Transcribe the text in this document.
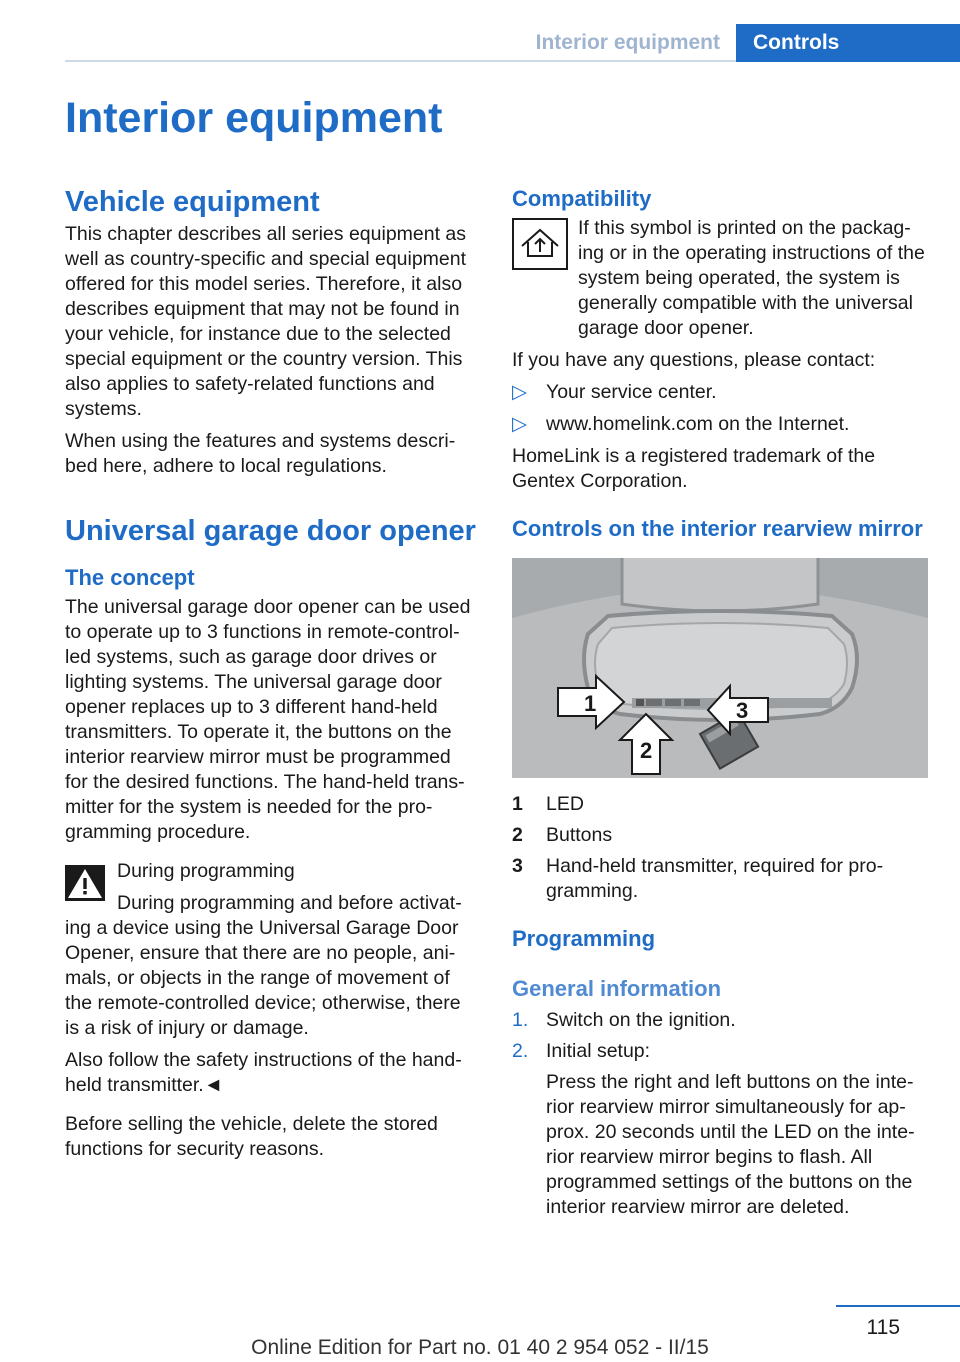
Interior equipment	Controls
Interior equipment
Vehicle equipment

This chapter describes all series equipment as well as country-specific and special equipment offered for this model series. Therefore, it also describes equipment that may not be found in your vehicle, for instance due to the selected special equipment or the country version. This also applies to safety-related functions and systems.

When using the features and systems described here, adhere to local regulations.

Universal garage door opener
The concept

The universal garage door opener can be used to operate up to 3 functions in remote-controlled systems, such as garage door drives or lighting systems. The universal garage door opener replaces up to 3 different hand-held transmitters. To operate it, the buttons on the interior rearview mirror must be programmed for the desired functions. The hand-held transmitter for the system is needed for the programming procedure.

During programming

During programming and before activating a device using the Universal Garage Door Opener, ensure that there are no people, animals, or objects in the range of movement of the remote-controlled device; otherwise, there is a risk of injury or damage.

Also follow the safety instructions of the hand-held transmitter.◄

Before selling the vehicle, delete the stored functions for security reasons.

Compatibility

If this symbol is printed on the packaging or in the operating instructions of the system being operated, the system is generally compatible with the universal garage door opener.

If you have any questions, please contact:

▷ Your service center.
▷ www.homelink.com on the Internet.

HomeLink is a registered trademark of the Gentex Corporation.

Controls on the interior rearview mirror
1
2
3
1	LED
2	Buttons
3	Hand-held transmitter, required for programming.
Programming
General information
1. Switch on the ignition.
2. Initial setup:

Press the right and left buttons on the interior rearview mirror simultaneously for approx. 20 seconds until the LED on the interior rearview mirror begins to flash. All programmed settings of the buttons on the interior rearview mirror are deleted.

115
Online Edition for Part no. 01 40 2 954 052 - II/15
